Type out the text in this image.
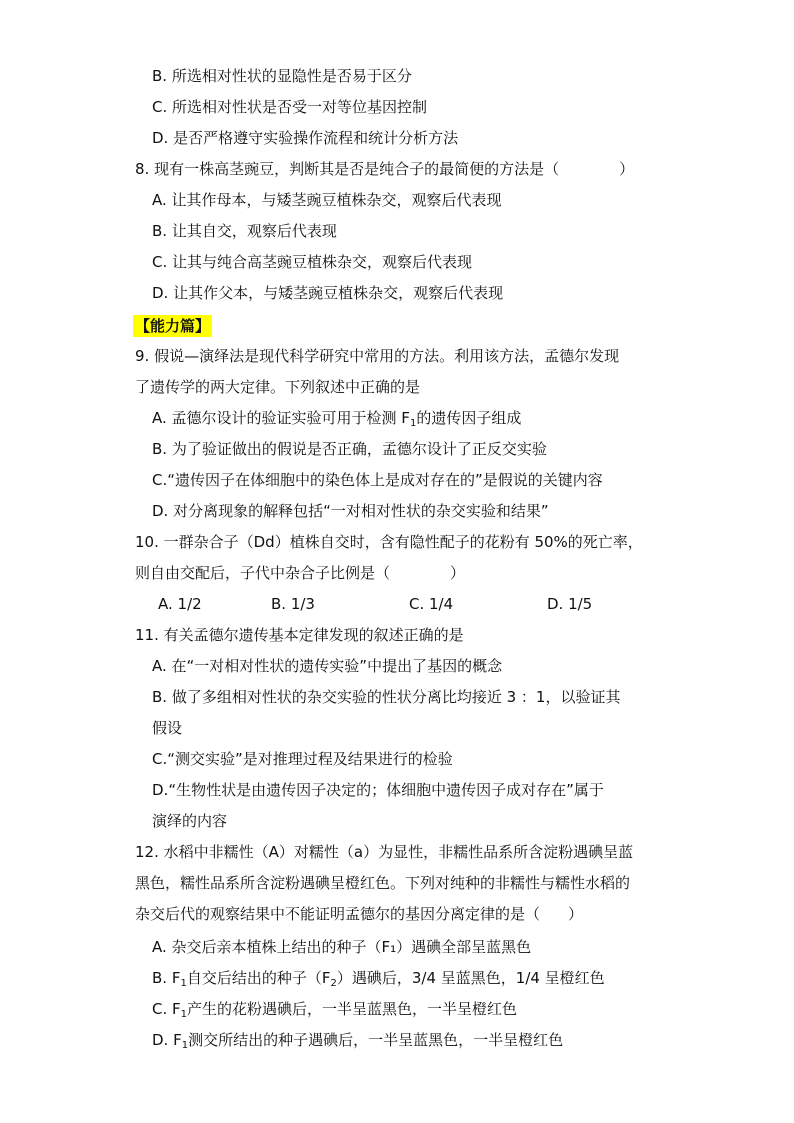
B. 所选相对性状的显隐性是否易于区分
C. 所选相对性状是否受一对等位基因控制
D. 是否严格遵守实验操作流程和统计分析方法
8. 现有一株高茎豌豆，判断其是否是纯合子的最简便的方法是（	）
A. 让其作母本，与矮茎豌豆植株杂交，观察后代表现
B. 让其自交，观察后代表现
C. 让其与纯合高茎豌豆植株杂交，观察后代表现
D. 让其作父本，与矮茎豌豆植株杂交，观察后代表现
【能力篇】
9. 假说—演绎法是现代科学研究中常用的方法。利用该方法，孟德尔发现
了遗传学的两大定律。下列叙述中正确的是
A. 孟德尔设计的验证实验可用于检测 $F_1$的遗传因子组成
B. 为了验证做出的假说是否正确，孟德尔设计了正反交实验
C.“遗传因子在体细胞中的染色体上是成对存在的”是假说的关键内容
D. 对分离现象的解释包括“一对相对性状的杂交实验和结果”
10. 一群杂合子（Dd）植株自交时，含有隐性配子的花粉有 50%的死亡率，
则自由交配后，子代中杂合子比例是（	）
A. 1/2	B. 1/3	C. 1/4	D. 1/5
11. 有关孟德尔遗传基本定律发现的叙述正确的是
A. 在“一对相对性状的遗传实验”中提出了基因的概念
B. 做了多组相对性状的杂交实验的性状分离比均接近 3 ：1，以验证其
假设
C.“测交实验”是对推理过程及结果进行的检验
D.“生物性状是由遗传因子决定的；体细胞中遗传因子成对存在”属于
演绎的内容
12. 水稻中非糯性（A）对糯性（a）为显性，非糯性品系所含淀粉遇碘呈蓝
黑色，糯性品系所含淀粉遇碘呈橙红色。下列对纯种的非糯性与糯性水稻的
杂交后代的观察结果中不能证明孟德尔的基因分离定律的是（ ）
A. 杂交后亲本植株上结出的种子（F₁）遇碘全部呈蓝黑色
B. $F_1$自交后结出的种子$(F_2)$遇碘后，3/4 呈蓝黑色，1/4 呈橙红色
C. $F_1$产生的花粉遇碘后，一半呈蓝黑色，一半呈橙红色
D. $F_1$测交所结出的种子遇碘后，一半呈蓝黑色，一半呈橙红色
